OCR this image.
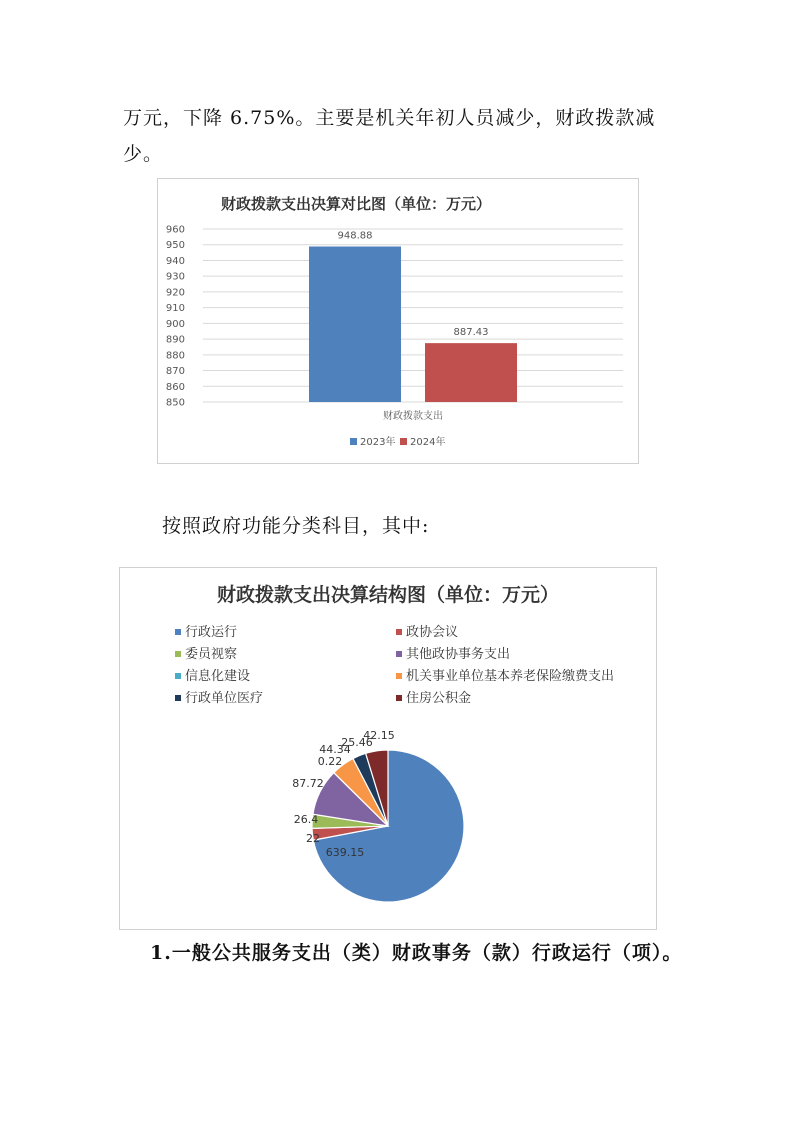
万元，下降 6.75%。主要是机关年初人员减少，财政拨款减少。
财政拨款支出决算对比图（单位：万元）
850
860
870
880
890
900
910
920
930
940
950
960
948.88
887.43
财政拨款支出
2023年 2024年
按照政府功能分类科目，其中:
财政拨款支出决算结构图（单位：万元）
行政运行	政协会议
委员视察	其他政协事务支出
信息化建设	机关事业单位基本养老保险缴费支出
行政单位医疗	住房公积金
639.15
22
26.4
87.72
0.22
44.34
25.46
42.15
1.一般公共服务支出（类）财政事务（款）行政运行（项）。
